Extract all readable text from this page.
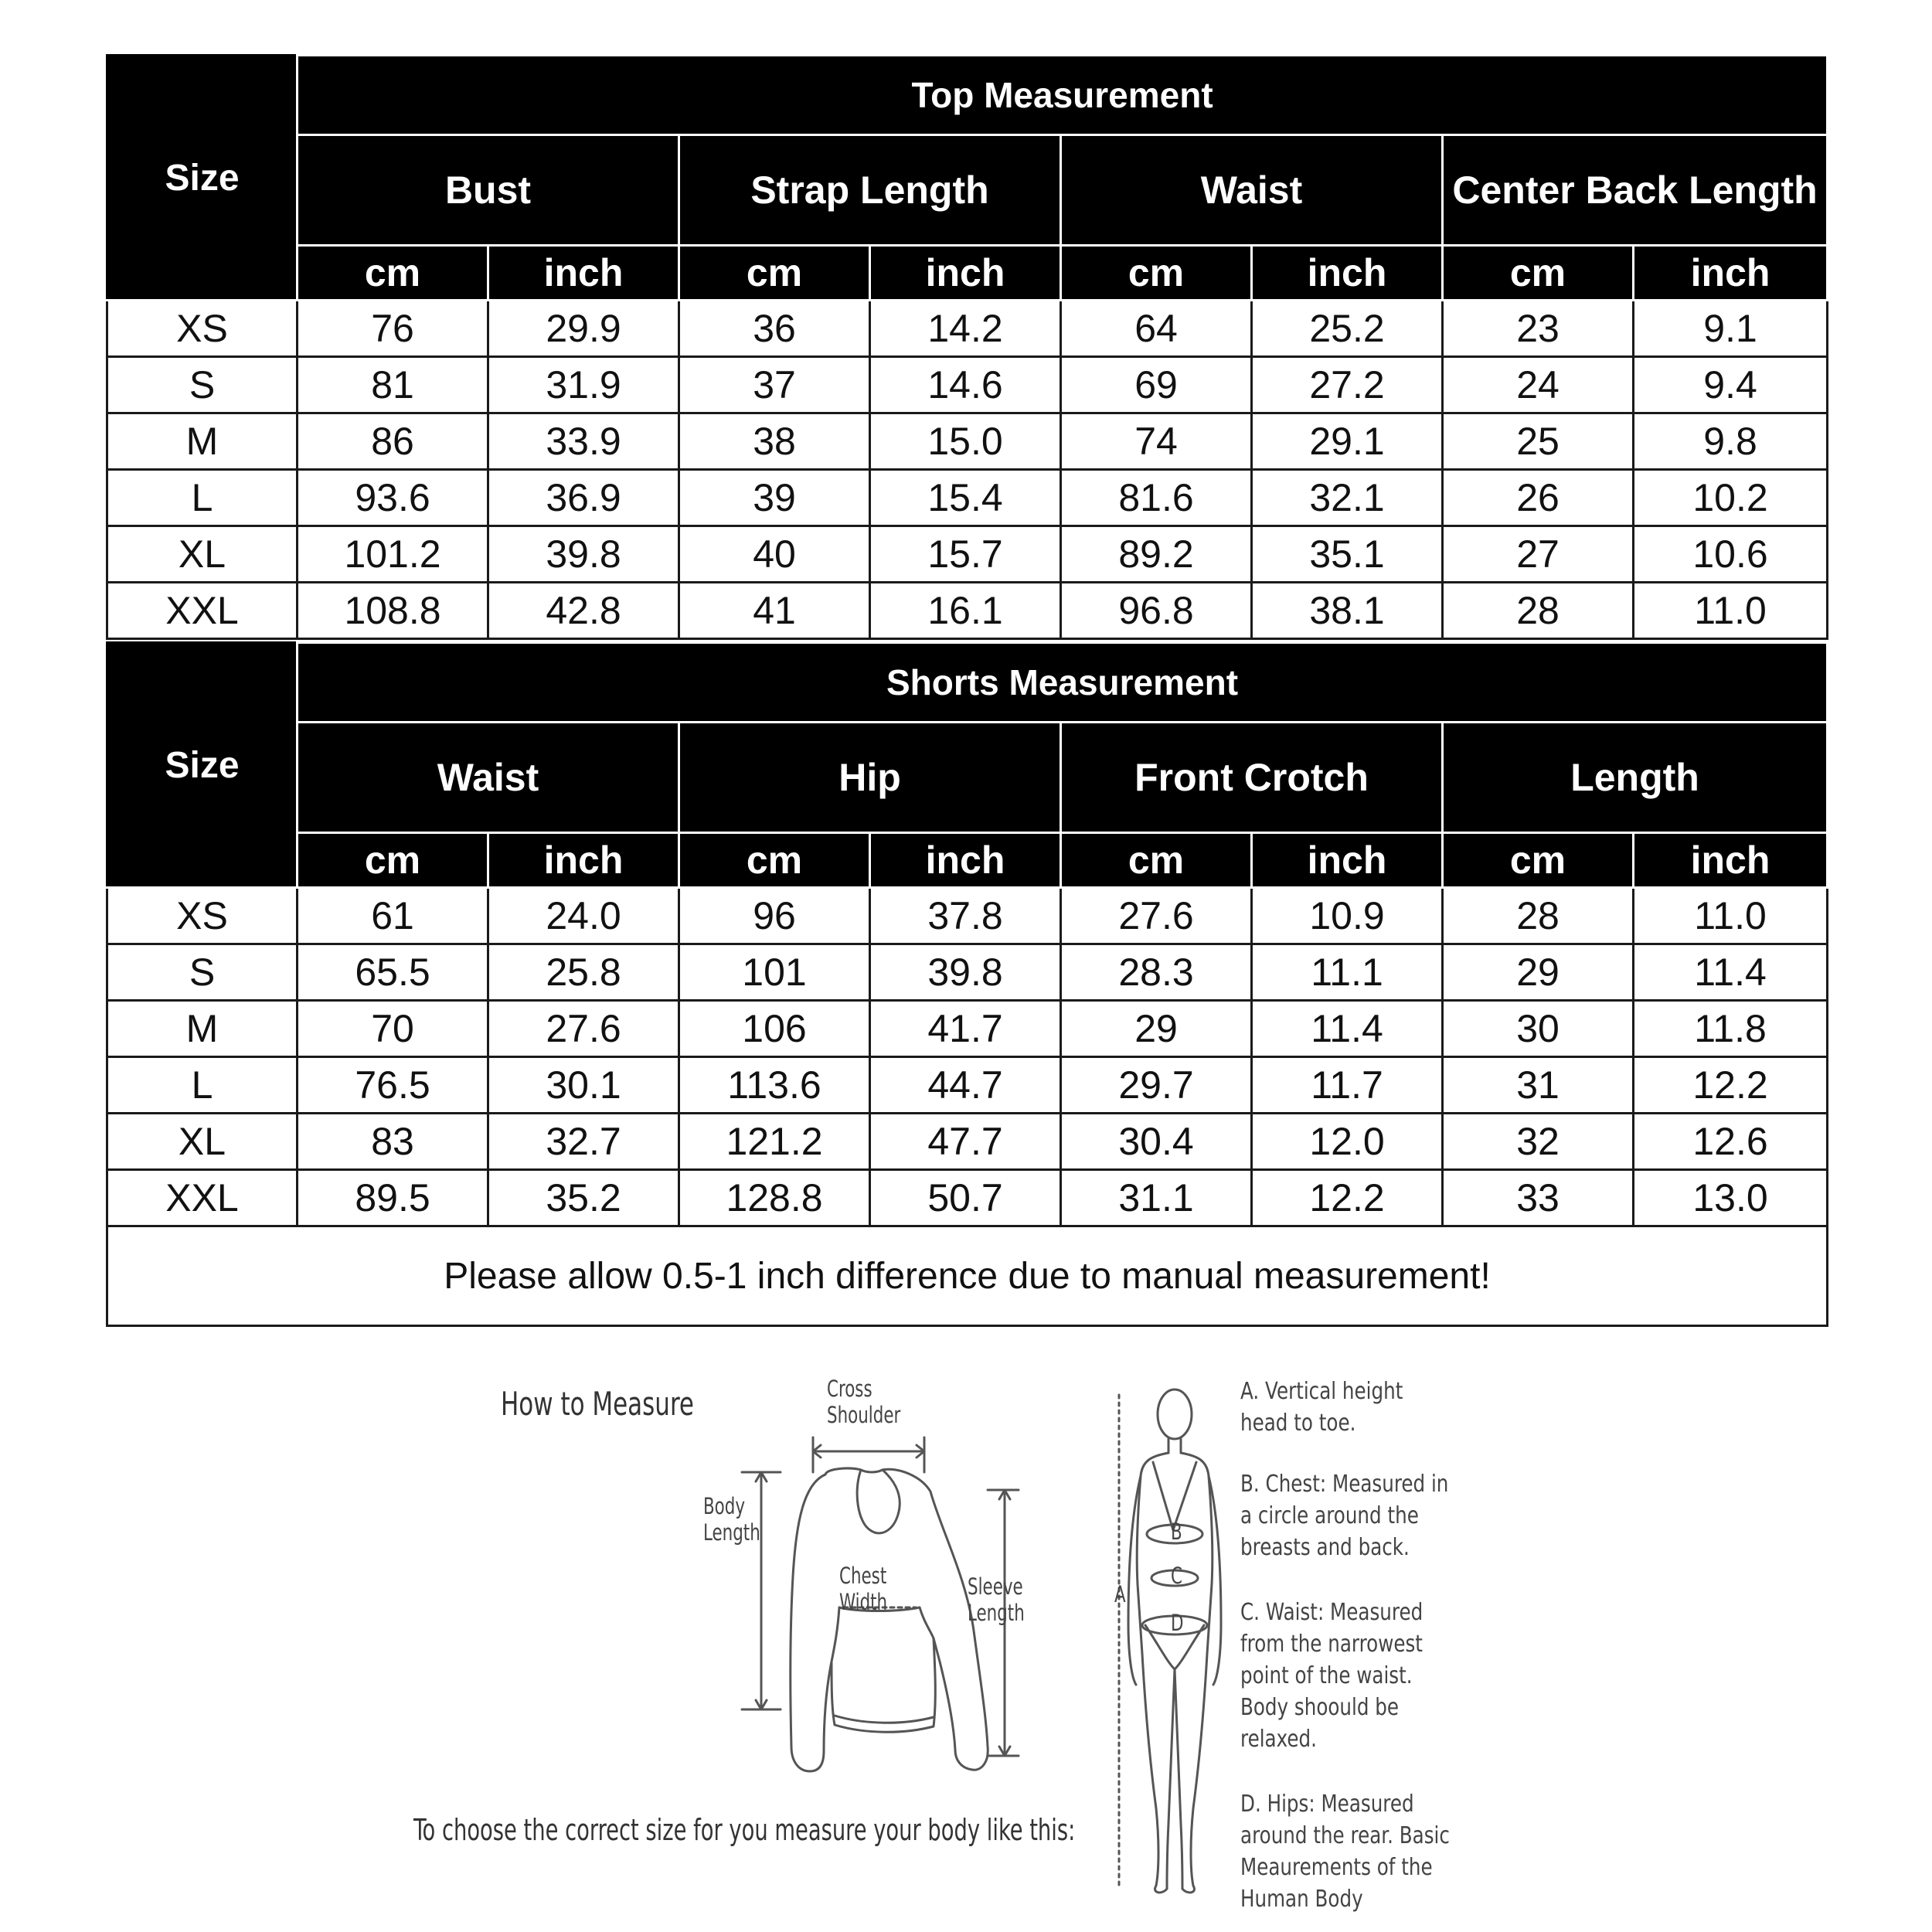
Size	Top Measurement							
	Bust		Strap Length		Waist		Center Back Length	
	cm	inch	cm	inch	cm	inch	cm	inch
XS	76	29.9	36	14.2	64	25.2	23	9.1
S	81	31.9	37	14.6	69	27.2	24	9.4
M	86	33.9	38	15.0	74	29.1	25	9.8
L	93.6	36.9	39	15.4	81.6	32.1	26	10.2
XL	101.2	39.8	40	15.7	89.2	35.1	27	10.6
XXL	108.8	42.8	41	16.1	96.8	38.1	28	11.0
Size	Shorts Measurement							
	Waist		Hip		Front Crotch		Length	
	cm	inch	cm	inch	cm	inch	cm	inch
XS	61	24.0	96	37.8	27.6	10.9	28	11.0
S	65.5	25.8	101	39.8	28.3	11.1	29	11.4
M	70	27.6	106	41.7	29	11.4	30	11.8
L	76.5	30.1	113.6	44.7	29.7	11.7	31	12.2
XL	83	32.7	121.2	47.7	30.4	12.0	32	12.6
XXL	89.5	35.2	128.8	50.7	31.1	12.2	33	13.0
Please allow 0.5-1 inch difference due to manual measurement!								
How to Measure	Cross
Shoulder
Body
Length
Chest
Width
Sleeve
Length
To choose the correct size for you measure your body like this:
A
B
C
D
A. Vertical height head to toe.
B. Chest: Measured in a circle around the breasts and back.
C. Waist: Measured from the narrowest point of the waist. Body shoould be relaxed.
D. Hips: Measured around the rear. Basic Meaurements of the Human Body
